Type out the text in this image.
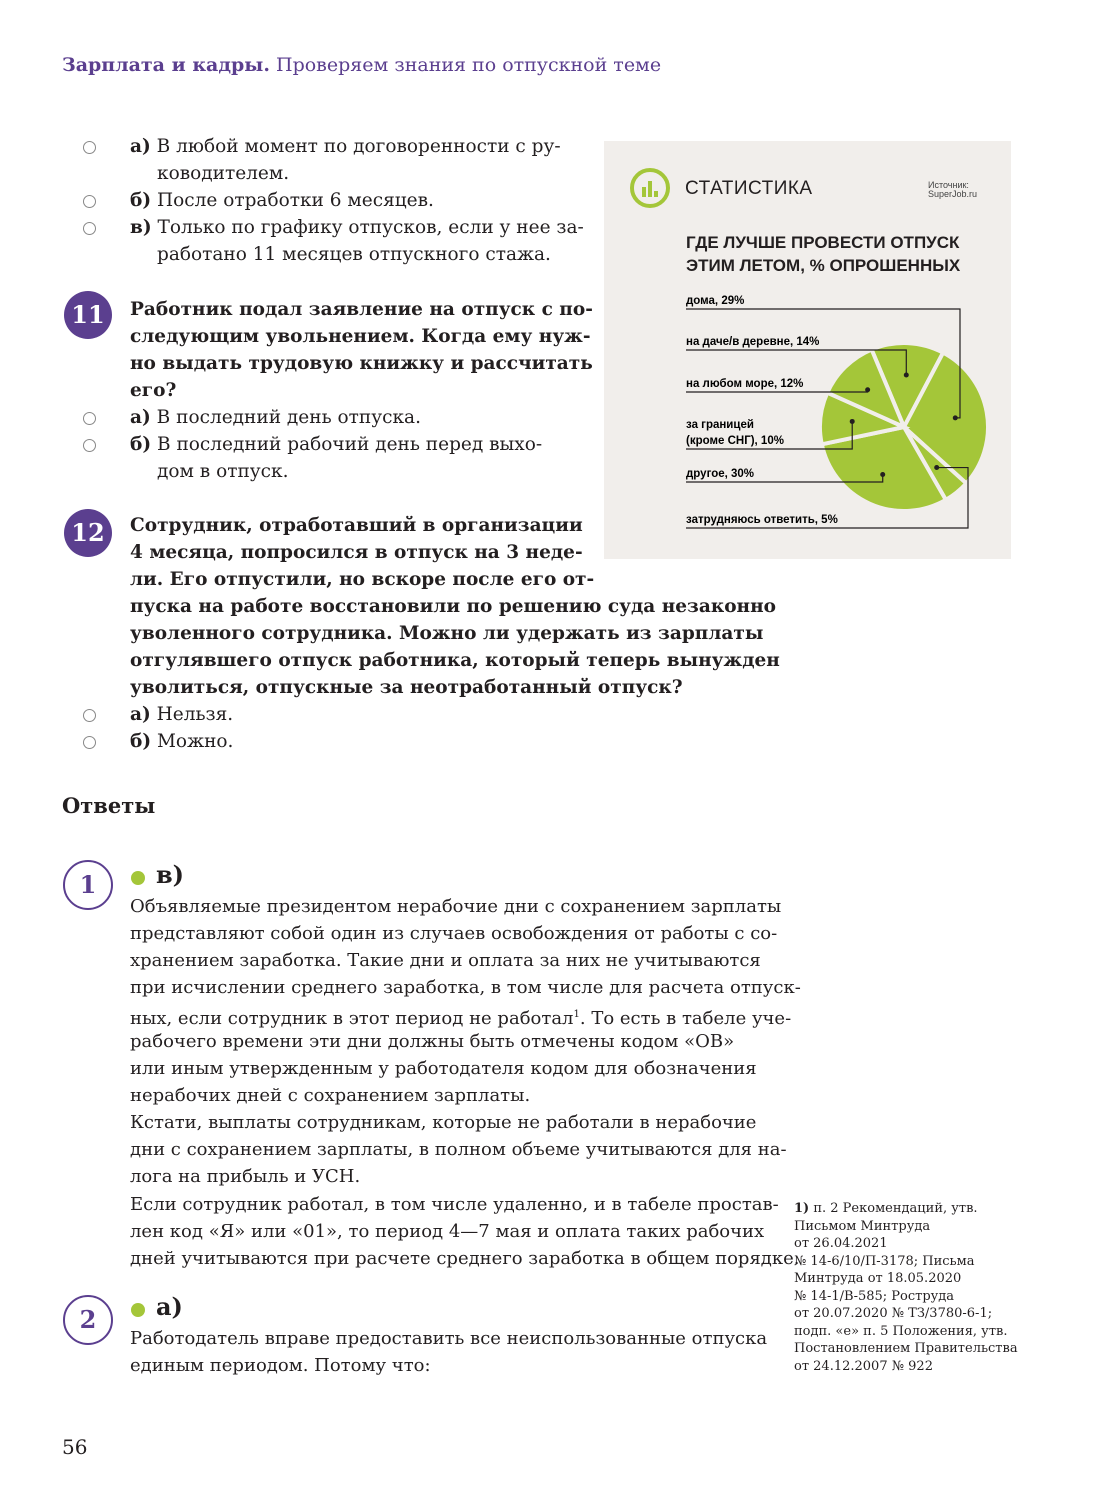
Зарплата и кадры. Проверяем знания по отпускной теме
а) В любой момент по договоренности с ру-
ководителем.
б) После отработки 6 месяцев.
в) Только по графику отпусков, если у нее за-
работано 11 месяцев отпускного стажа.
11	Работник подал заявление на отпуск с по-
следующим увольнением. Когда ему нуж-
но выдать трудовую книжку и рассчитать
его?
а) В последний день отпуска.
б) В последний рабочий день перед выхо-
дом в отпуск.
12	Сотрудник, отработавший в организации
4 месяца, попросился в отпуск на 3 неде-
ли. Его отпустили, но вскоре после его от-
пуска на работе восстановили по решению суда незаконно
уволенного сотрудника. Можно ли удержать из зарплаты
отгулявшего отпуск работника, который теперь вынужден
уволиться, отпускные за неотработанный отпуск?
а) Нельзя.
б) Можно.
СТАТИСТИКА	Источник:
SuperJob.ru
ГДЕ ЛУЧШЕ ПРОВЕСТИ ОТПУСК
ЭТИМ ЛЕТОМ, % ОПРОШЕННЫХ
дома, 29%
на даче/в деревне, 14%
на любом море, 12%
за границей
(кроме СНГ), 10%
другое, 30%
затрудняюсь ответить, 5%
Ответы
1	в)
Объявляемые президентом нерабочие дни с сохранением зарплаты
представляют собой один из случаев освобождения от работы с со-
хранением заработка. Такие дни и оплата за них не учитываются
при исчислении среднего заработка, в том числе для расчета отпуск-
ных, если сотрудник в этот период не работал$^1$. То есть в табеле уче-
рабочего времени эти дни должны быть отмечены кодом «ОВ»
или иным утвержденным у работодателя кодом для обозначения
нерабочих дней с сохранением зарплаты.
Кстати, выплаты сотрудникам, которые не работали в нерабочие
дни с сохранением зарплаты, в полном объеме учитываются для на-
лога на прибыль и УСН.
Если сотрудник работал, в том числе удаленно, и в табеле простав-
лен код «Я» или «01», то период 4—7 мая и оплата таких рабочих
дней учитываются при расчете среднего заработка в общем порядке.
2	а)
Работодатель вправе предоставить все неиспользованные отпуска
единым периодом. Потому что:
1) п. 2 Рекомендаций, утв.
Письмом Минтруда
от 26.04.2021
№ 14-6/10/П-3178; Письма
Минтруда от 18.05.2020
№ 14-1/В-585; Роструда
от 20.07.2020 № ТЗ/3780-6-1;
подп. «е» п. 5 Положения, утв.
Постановлением Правительства
от 24.12.2007 № 922
56
